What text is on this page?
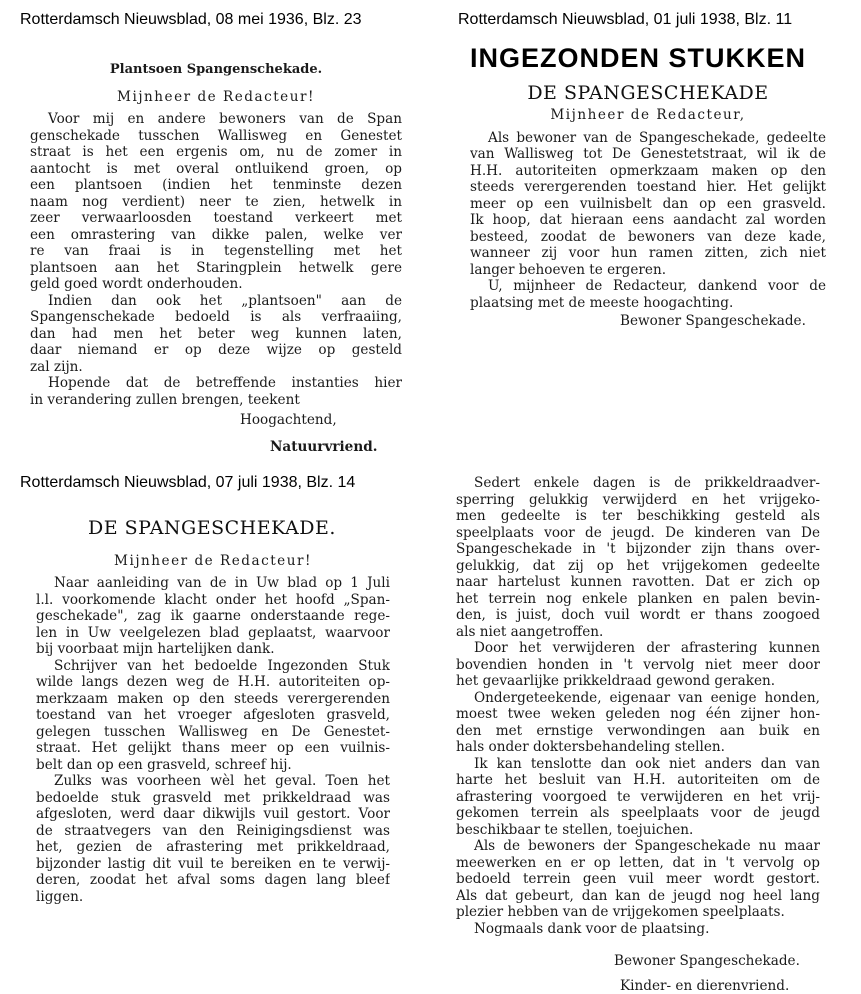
Rotterdamsch Nieuwsblad, 08 mei 1936, Blz. 23	Rotterdamsch Nieuwsblad, 01 juli 1938, Blz. 11
Rotterdamsch Nieuwsblad, 07 juli 1938, Blz. 14
Plantsoen Spangenschekade.
Mijnheer de Redacteur!
Voor mij en andere bewoners van de Span
genschekade tusschen Wallisweg en Genestet
straat is het een ergenis om, nu de zomer in
aantocht is met overal ontluikend groen, op
een plantsoen (indien het tenminste dezen
naam nog verdient) neer te zien, hetwelk in
zeer verwaarloosden toestand verkeert met
een omrastering van dikke palen, welke ver
re van fraai is in tegenstelling met het
plantsoen aan het Staringplein hetwelk gere
geld goed wordt onderhouden.
Indien dan ook het „plantsoen" aan de
Spangenschekade bedoeld is als verfraaiing,
dan had men het beter weg kunnen laten,
daar niemand er op deze wijze op gesteld
zal zijn.
Hopende dat de betreffende instanties hier
in verandering zullen brengen, teekent
Hoogachtend,
Natuurvriend.
INGEZONDEN STUKKEN
DE SPANGESCHEKADE
Mijnheer de Redacteur,
Als bewoner van de Spangeschekade, gedeelte
van Wallisweg tot De Genestetstraat, wil ik de
H.H. autoriteiten opmerkzaam maken op den
steeds verergerenden toestand hier. Het gelijkt
meer op een vuilnisbelt dan op een grasveld.
Ik hoop, dat hieraan eens aandacht zal worden
besteed, zoodat de bewoners van deze kade,
wanneer zij voor hun ramen zitten, zich niet
langer behoeven te ergeren.
U, mijnheer de Redacteur, dankend voor de
plaatsing met de meeste hoogachting.
Bewoner Spangeschekade.
DE SPANGESCHEKADE.
Mijnheer de Redacteur!
Naar aanleiding van de in Uw blad op 1 Juli
l.l. voorkomende klacht onder het hoofd „Span-
geschekade", zag ik gaarne onderstaande rege-
len in Uw veelgelezen blad geplaatst, waarvoor
bij voorbaat mijn hartelijken dank.
Schrijver van het bedoelde Ingezonden Stuk
wilde langs dezen weg de H.H. autoriteiten op-
merkzaam maken op den steeds verergerenden
toestand van het vroeger afgesloten grasveld,
gelegen tusschen Wallisweg en De Genestet-
straat. Het gelijkt thans meer op een vuilnis-
belt dan op een grasveld, schreef hij.
Zulks was voorheen wèl het geval. Toen het
bedoelde stuk grasveld met prikkeldraad was
afgesloten, werd daar dikwijls vuil gestort. Voor
de straatvegers van den Reinigingsdienst was
het, gezien de afrastering met prikkeldraad,
bijzonder lastig dit vuil te bereiken en te verwij-
deren, zoodat het afval soms dagen lang bleef
liggen.
Sedert enkele dagen is de prikkeldraadver-
sperring gelukkig verwijderd en het vrijgeko-
men gedeelte is ter beschikking gesteld als
speelplaats voor de jeugd. De kinderen van De
Spangeschekade in 't bijzonder zijn thans over-
gelukkig, dat zij op het vrijgekomen gedeelte
naar hartelust kunnen ravotten. Dat er zich op
het terrein nog enkele planken en palen bevin-
den, is juist, doch vuil wordt er thans zoogoed
als niet aangetroffen.
Door het verwijderen der afrastering kunnen
bovendien honden in 't vervolg niet meer door
het gevaarlijke prikkeldraad gewond geraken.
Ondergeteekende, eigenaar van eenige honden,
moest twee weken geleden nog één zijner hon-
den met ernstige verwondingen aan buik en
hals onder doktersbehandeling stellen.
Ik kan tenslotte dan ook niet anders dan van
harte het besluit van H.H. autoriteiten om de
afrastering voorgoed te verwijderen en het vrij-
gekomen terrein als speelplaats voor de jeugd
beschikbaar te stellen, toejuichen.
Als de bewoners der Spangeschekade nu maar
meewerken en er op letten, dat in 't vervolg op
bedoeld terrein geen vuil meer wordt gestort.
Als dat gebeurt, dan kan de jeugd nog heel lang
plezier hebben van de vrijgekomen speelplaats.
Nogmaals dank voor de plaatsing.
Bewoner Spangeschekade.
Kinder- en dierenvriend.
